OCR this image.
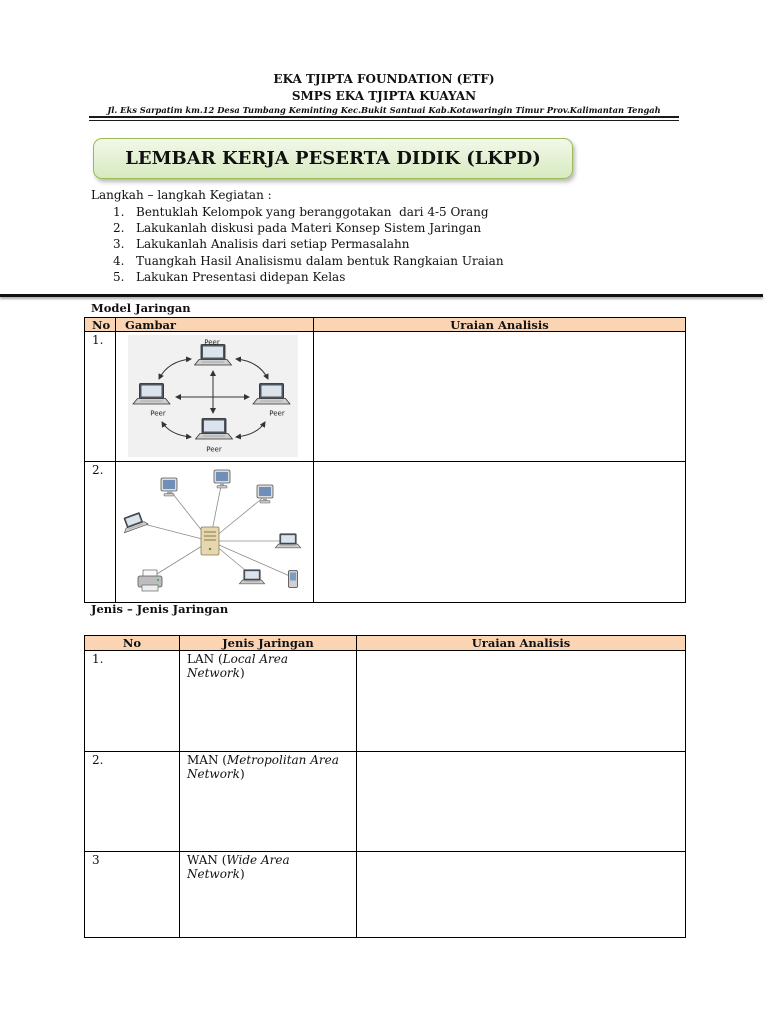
EKA TJIPTA FOUNDATION (ETF)
SMPS EKA TJIPTA KUAYAN
Jl. Eks Sarpatim km.12 Desa Tumbang Keminting Kec.Bukit Santuai Kab.Kotawaringin Timur Prov.Kalimantan Tengah
LEMBAR KERJA PESERTA DIDIK (LKPD)
Langkah – langkah Kegiatan :
1. Bentuklah Kelompok yang beranggotakan  dari 4-5 Orang
2. Lakukanlah diskusi pada Materi Konsep Sistem Jaringan
3. Lakukanlah Analisis dari setiap Permasalahn
4. Tuangkah Hasil Analisismu dalam bentuk Rangkaian Uraian
5. Lakukan Presentasi didepan Kelas
Model Jaringan
No	Gambar	Uraian Analisis
1.	Peer
Peer Peer
Peer	

2.	

Jenis – Jenis Jaringan
No	Jenis Jaringan	Uraian Analisis
1.	LAN (Local Area
Network)	

2.	MAN (Metropolitan Area
Network)	

3	WAN (Wide Area
Network)	
